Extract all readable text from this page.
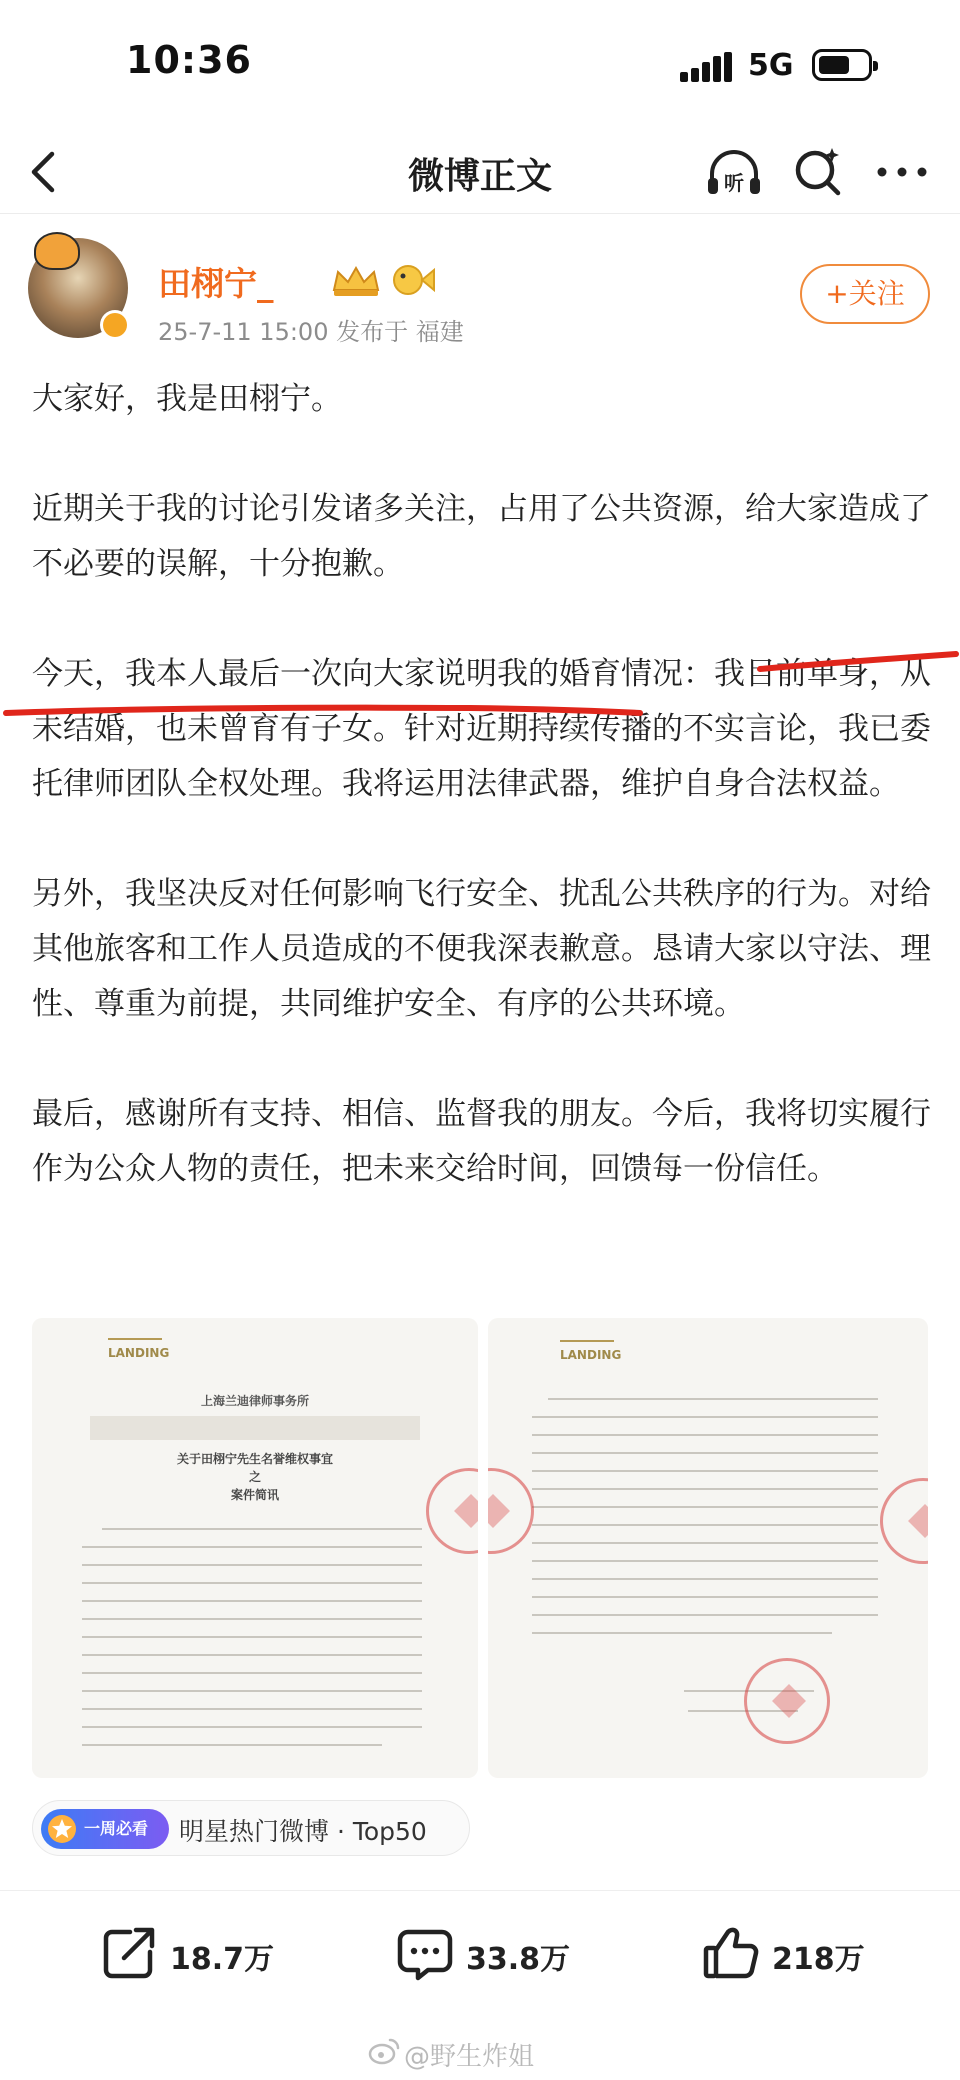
10:36	5G
微博正文	听
田栩宁_
25-7-11 15:00 发布于 福建
+关注

大家好，我是田栩宁。

近期关于我的讨论引发诸多关注，占用了公共资源，给大家造成了不必要的误解，十分抱歉。

今天，我本人最后一次向大家说明我的婚育情况：我目前单身，从未结婚，也未曾育有子女。针对近期持续传播的不实言论，我已委托律师团队全权处理。我将运用法律武器，维护自身合法权益。

另外，我坚决反对任何影响飞行安全、扰乱公共秩序的行为。对给其他旅客和工作人员造成的不便我深表歉意。恳请大家以守法、理性、尊重为前提，共同维护安全、有序的公共环境。

最后，感谢所有支持、相信、监督我的朋友。今后，我将切实履行作为公众人物的责任，把未来交给时间，回馈每一份信任。

LANDING
上海兰迪律师事务所
关于田栩宁先生名誉维权事宜
之
案件简讯
LANDING
一周必看	明星热门微博 · Top50
18.7万	33.8万	218万
@野生炸姐
